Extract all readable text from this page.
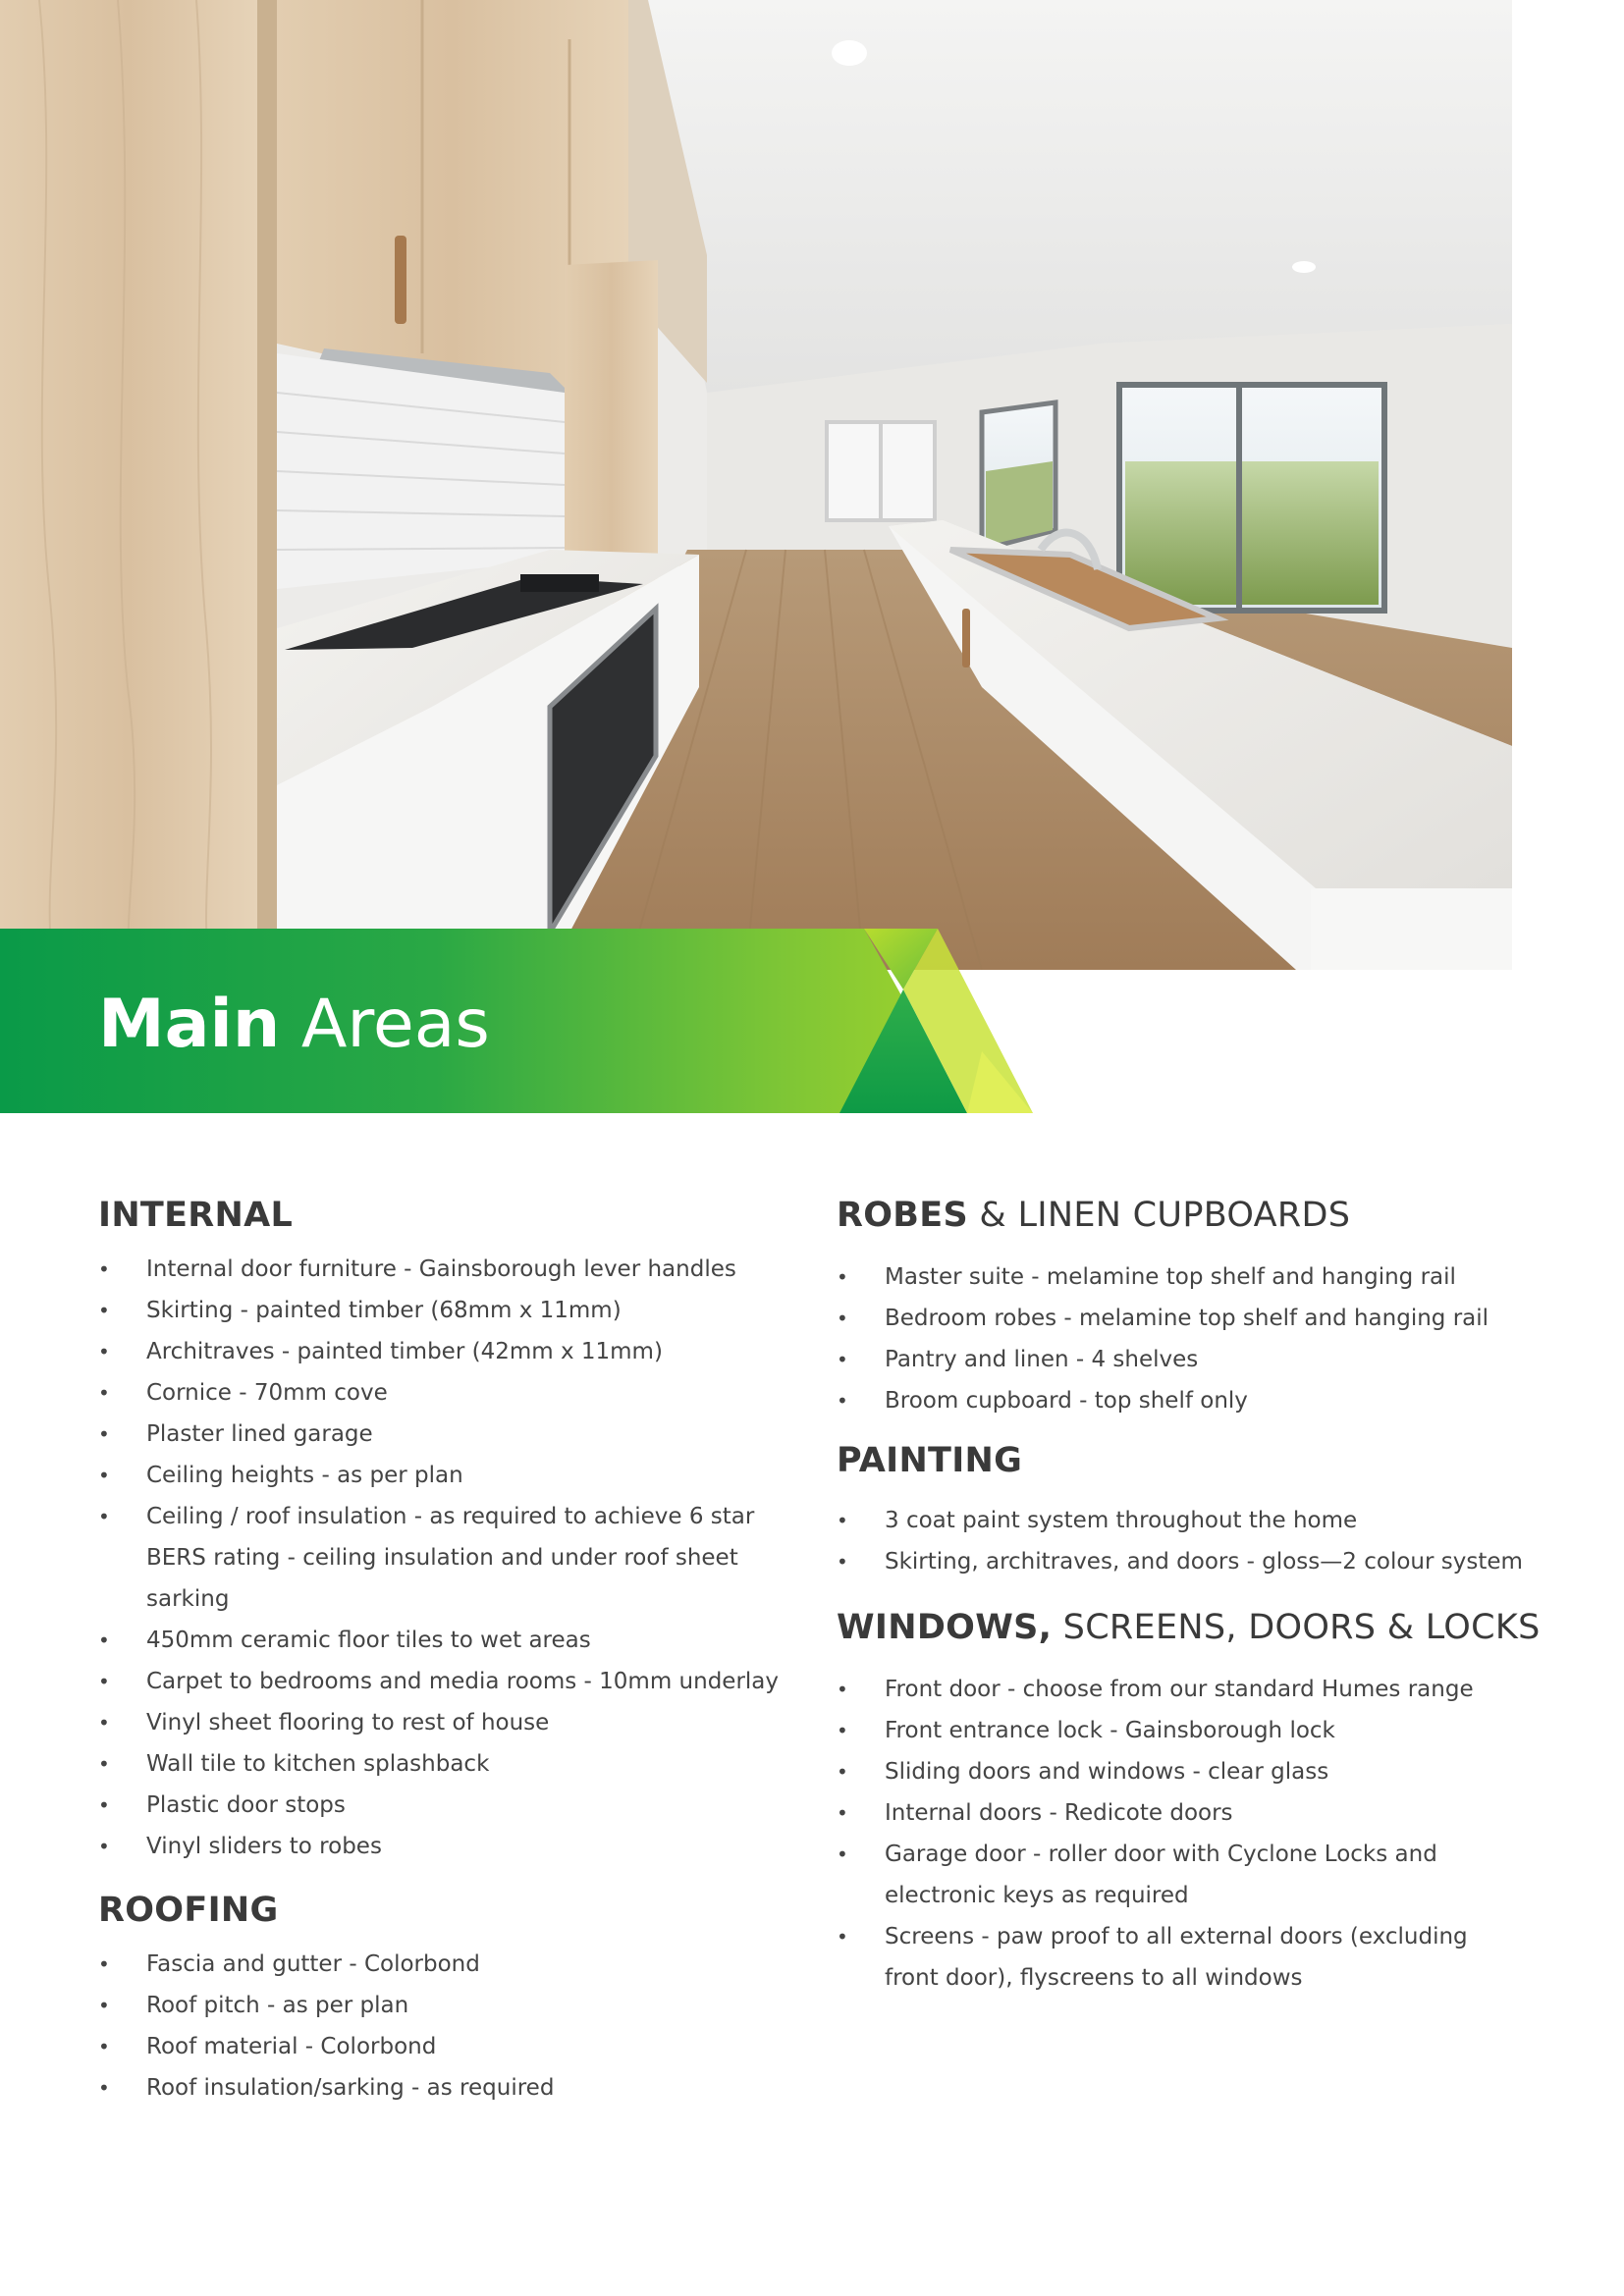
Main Areas
INTERNAL
• Internal door furniture - Gainsborough lever handles
• Skirting - painted timber (68mm x 11mm)
• Architraves - painted timber (42mm x 11mm)
• Cornice - 70mm cove
• Plaster lined garage
• Ceiling heights - as per plan
• Ceiling / roof insulation - as required to achieve 6 star BERS rating - ceiling insulation and under roof sheet sarking
• 450mm ceramic floor tiles to wet areas
• Carpet to bedrooms and media rooms - 10mm underlay
• Vinyl sheet flooring to rest of house
• Wall tile to kitchen splashback
• Plastic door stops
• Vinyl sliders to robes
ROOFING
• Fascia and gutter - Colorbond
• Roof pitch - as per plan
• Roof material - Colorbond
• Roof insulation/sarking - as required
ROBES & LINEN CUPBOARDS
• Master suite - melamine top shelf and hanging rail
• Bedroom robes - melamine top shelf and hanging rail
• Pantry and linen - 4 shelves
• Broom cupboard - top shelf only
PAINTING
• 3 coat paint system throughout the home
• Skirting, architraves, and doors - gloss—2 colour system
WINDOWS, SCREENS, DOORS & LOCKS
• Front door - choose from our standard Humes range
• Front entrance lock - Gainsborough lock
• Sliding doors and windows - clear glass
• Internal doors - Redicote doors
• Garage door - roller door with Cyclone Locks and electronic keys as required
• Screens - paw proof to all external doors (excluding front door), flyscreens to all windows
